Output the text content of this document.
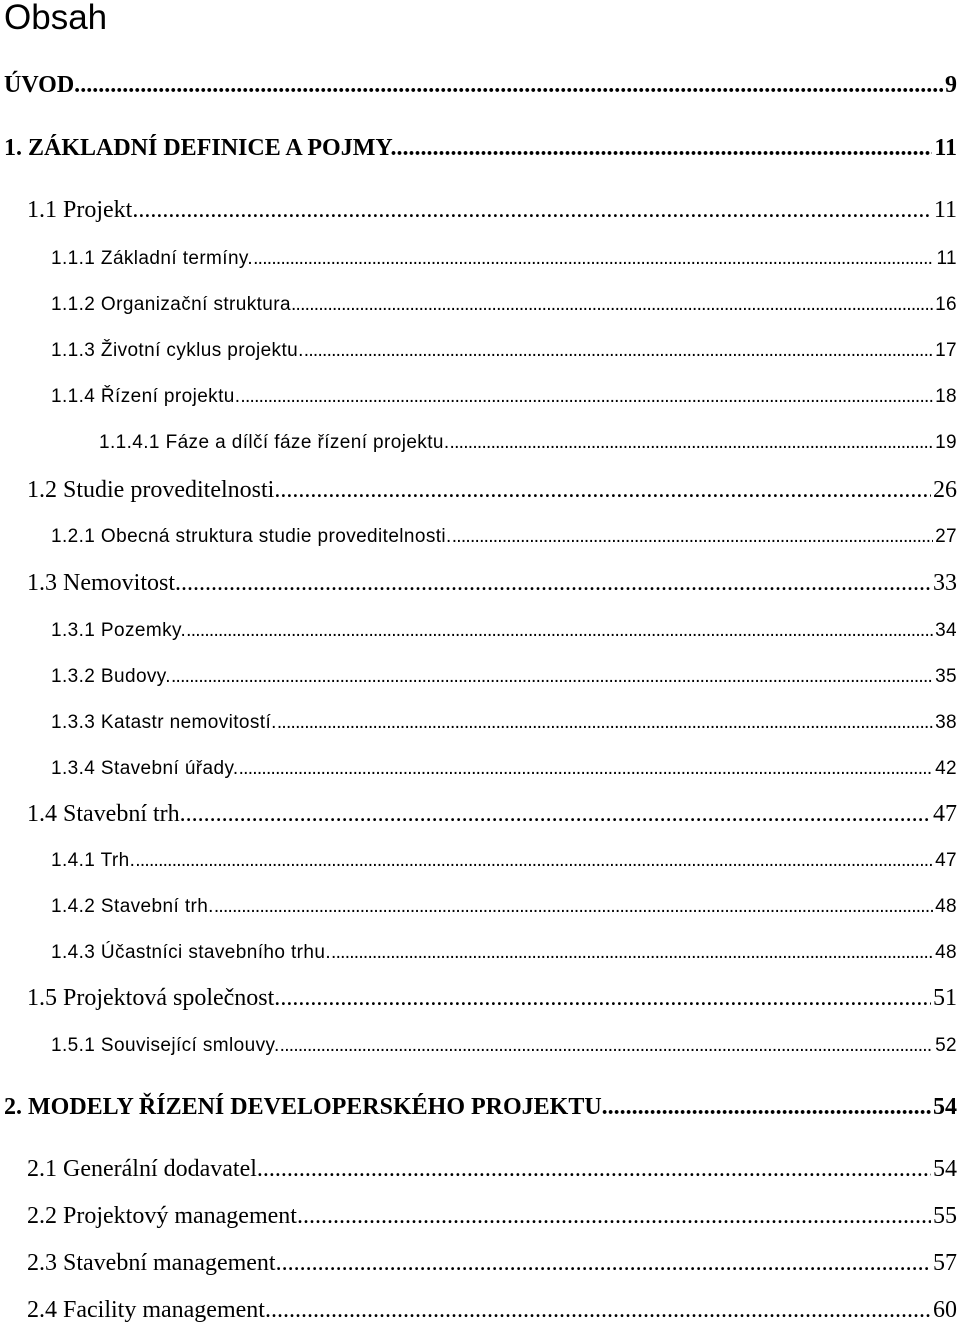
Obsah
ÚVOD. . . .	9
1. ZÁKLADNÍ DEFINICE A POJMY. . . .	11
1.1 Projekt. . . .	11
1.1.1 Základní termíny. . . .	11
1.1.2 Organizační struktura . . .	16
1.1.3 Životní cyklus projektu. . . .	17
1.1.4 Řízení projektu. . . .	18
1.1.4.1 Fáze a dílčí fáze řízení projektu. . . .	19
1.2 Studie proveditelnosti. . . .	26
1.2.1 Obecná struktura studie proveditelnosti. . . .	27
1.3 Nemovitost. . . .	33
1.3.1 Pozemky. . . .	34
1.3.2 Budovy. . . .	35
1.3.3 Katastr nemovitostí. . . .	38
1.3.4 Stavební úřady. . . .	42
1.4 Stavební trh. . . .	47
1.4.1 Trh. . . .	47
1.4.2 Stavební trh. . . .	48
1.4.3 Účastníci stavebního trhu. . . .	48
1.5 Projektová společnost. . . .	51
1.5.1 Související smlouvy. . . .	52
2. MODELY ŘÍZENÍ DEVELOPERSKÉHO PROJEKTU. . . .	54
2.1 Generální dodavatel. . . .	54
2.2 Projektový management. . . .	55
2.3 Stavební management. . . .	57
2.4 Facility management. . . .	60
